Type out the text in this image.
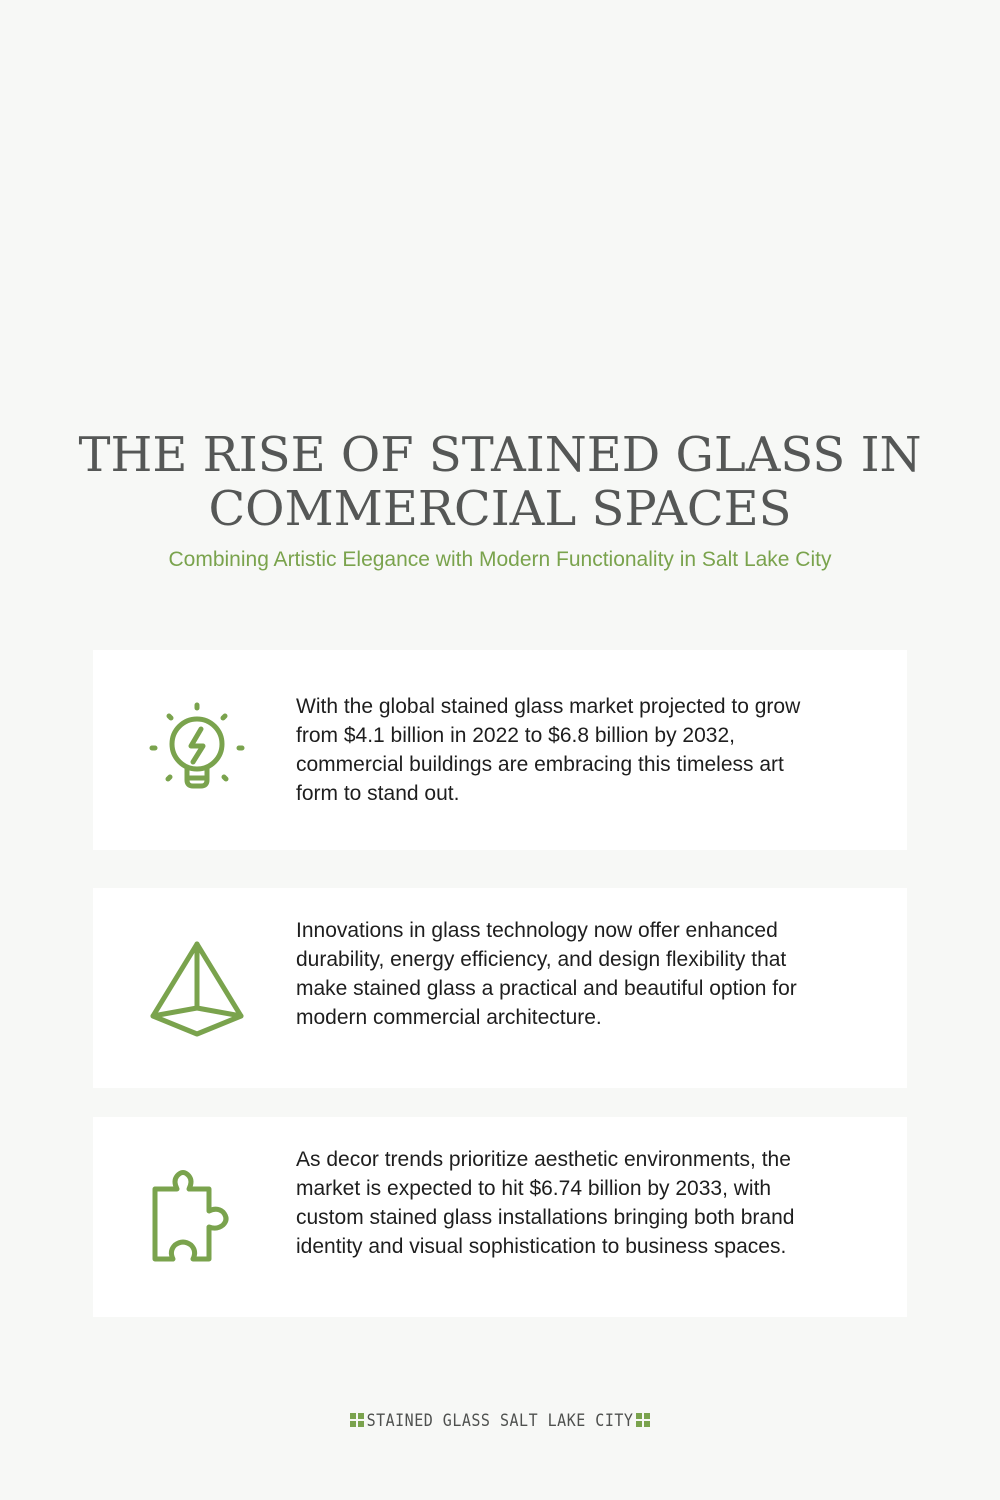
THE RISE OF STAINED GLASS IN COMMERCIAL SPACES
Combining Artistic Elegance with Modern Functionality in Salt Lake City

With the global stained glass market projected to grow from $4.1 billion in 2022 to $6.8 billion by 2032, commercial buildings are embracing this timeless art form to stand out.

Innovations in glass technology now offer enhanced durability, energy efficiency, and design flexibility that make stained glass a practical and beautiful option for modern commercial architecture.

As decor trends prioritize aesthetic environments, the market is expected to hit $6.74 billion by 2033, with custom stained glass installations bringing both brand identity and visual sophistication to business spaces.

STAINED GLASS SALT LAKE CITY
